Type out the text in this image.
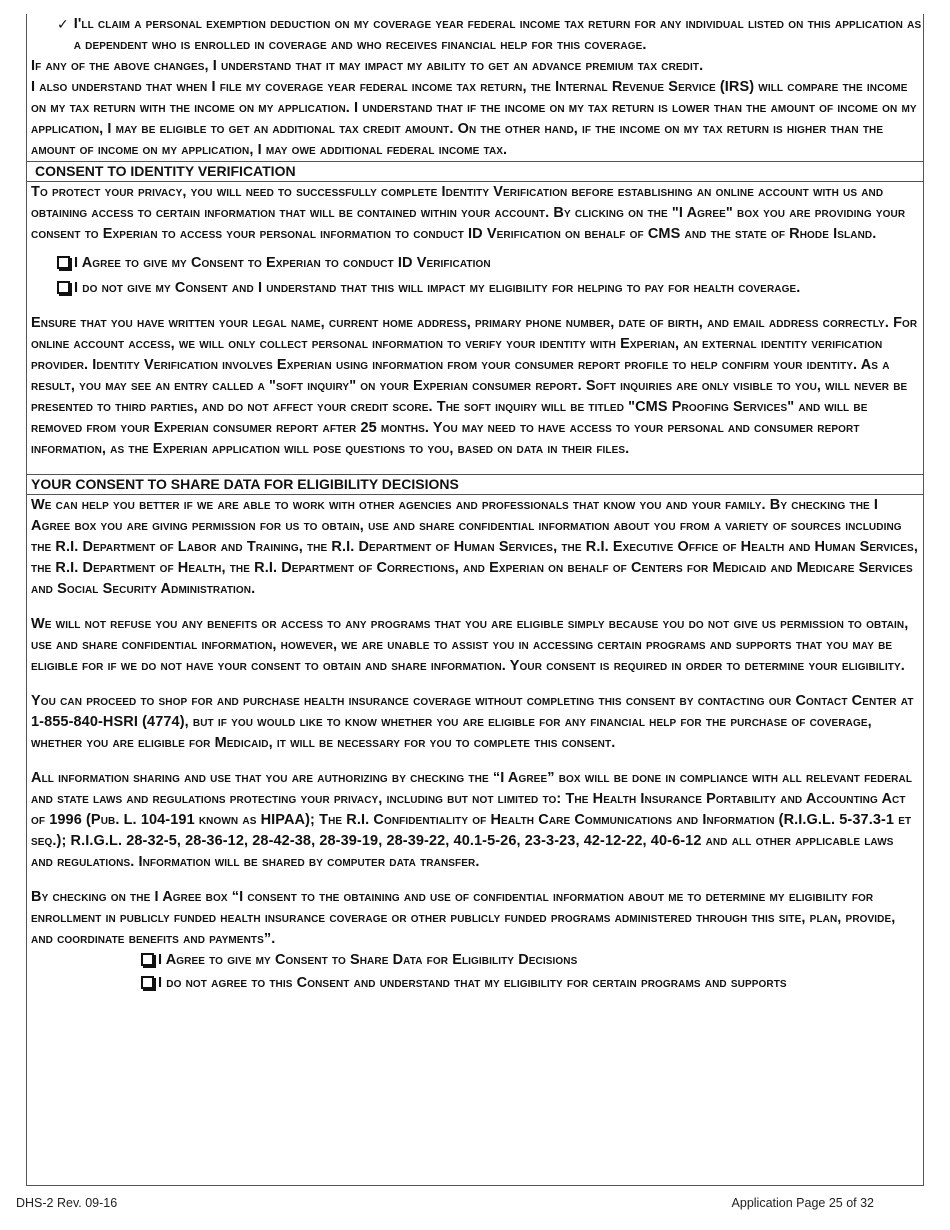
✓ I'll claim a personal exemption deduction on my coverage year federal income tax return for any individual listed on this application as a dependent who is enrolled in coverage and who receives financial help for this coverage.
If any of the above changes, I understand that it may impact my ability to get an advance premium tax credit.
I also understand that when I file my coverage year federal income tax return, the Internal Revenue Service (IRS) will compare the income on my tax return with the income on my application. I understand that if the income on my tax return is lower than the amount of income on my application, I may be eligible to get an additional tax credit amount. On the other hand, if the income on my tax return is higher than the amount of income on my application, I may owe additional federal income tax.
CONSENT TO IDENTITY VERIFICATION
To protect your privacy, you will need to successfully complete Identity Verification before establishing an online account with us and obtaining access to certain information that will be contained within your account. By clicking on the "I Agree" box you are providing your consent to Experian to access your personal information to conduct ID Verification on behalf of CMS and the state of Rhode Island.
I Agree to give my Consent to Experian to conduct ID Verification
I do not give my Consent and I understand that this will impact my eligibility for helping to pay for health coverage.
Ensure that you have written your legal name, current home address, primary phone number, date of birth, and email address correctly. For online account access, we will only collect personal information to verify your identity with Experian, an external identity verification provider. Identity Verification involves Experian using information from your consumer report profile to help confirm your identity. As a result, you may see an entry called a "soft inquiry" on your Experian consumer report. Soft inquiries are only visible to you, will never be presented to third parties, and do not affect your credit score. The soft inquiry will be titled "CMS Proofing Services" and will be removed from your Experian consumer report after 25 months. You may need to have access to your personal and consumer report information, as the Experian application will pose questions to you, based on data in their files.
YOUR CONSENT TO SHARE DATA FOR ELIGIBILITY DECISIONS
We can help you better if we are able to work with other agencies and professionals that know you and your family. By checking the I Agree box you are giving permission for us to obtain, use and share confidential information about you from a variety of sources including the R.I. Department of Labor and Training, the R.I. Department of Human Services, the R.I. Executive Office of Health and Human Services, the R.I. Department of Health, the R.I. Department of Corrections, and Experian on behalf of Centers for Medicaid and Medicare Services and Social Security Administration.
We will not refuse you any benefits or access to any programs that you are eligible simply because you do not give us permission to obtain, use and share confidential information, however, we are unable to assist you in accessing certain programs and supports that you may be eligible for if we do not have your consent to obtain and share information. Your consent is required in order to determine your eligibility.
You can proceed to shop for and purchase health insurance coverage without completing this consent by contacting our Contact Center at 1-855-840-HSRI (4774), but if you would like to know whether you are eligible for any financial help for the purchase of coverage, whether you are eligible for Medicaid, it will be necessary for you to complete this consent.
All information sharing and use that you are authorizing by checking the “I Agree” box will be done in compliance with all relevant federal and state laws and regulations protecting your privacy, including but not limited to: The Health Insurance Portability and Accounting Act of 1996 (Pub. L. 104-191 known as HIPAA); The R.I. Confidentiality of Health Care Communications and Information (R.I.G.L. 5-37.3-1 et seq.); R.I.G.L. 28-32-5, 28-36-12, 28-42-38, 28-39-19, 28-39-22, 40.1-5-26, 23-3-23, 42-12-22, 40-6-12 and all other applicable laws and regulations. Information will be shared by computer data transfer.
By checking on the I Agree box “I consent to the obtaining and use of confidential information about me to determine my eligibility for enrollment in publicly funded health insurance coverage or other publicly funded programs administered through this site, plan, provide, and coordinate benefits and payments”.
I Agree to give my Consent to Share Data for Eligibility Decisions
I do not agree to this Consent and understand that my eligibility for certain programs and supports
DHS-2 Rev. 09-16	Application Page 25 of 32
